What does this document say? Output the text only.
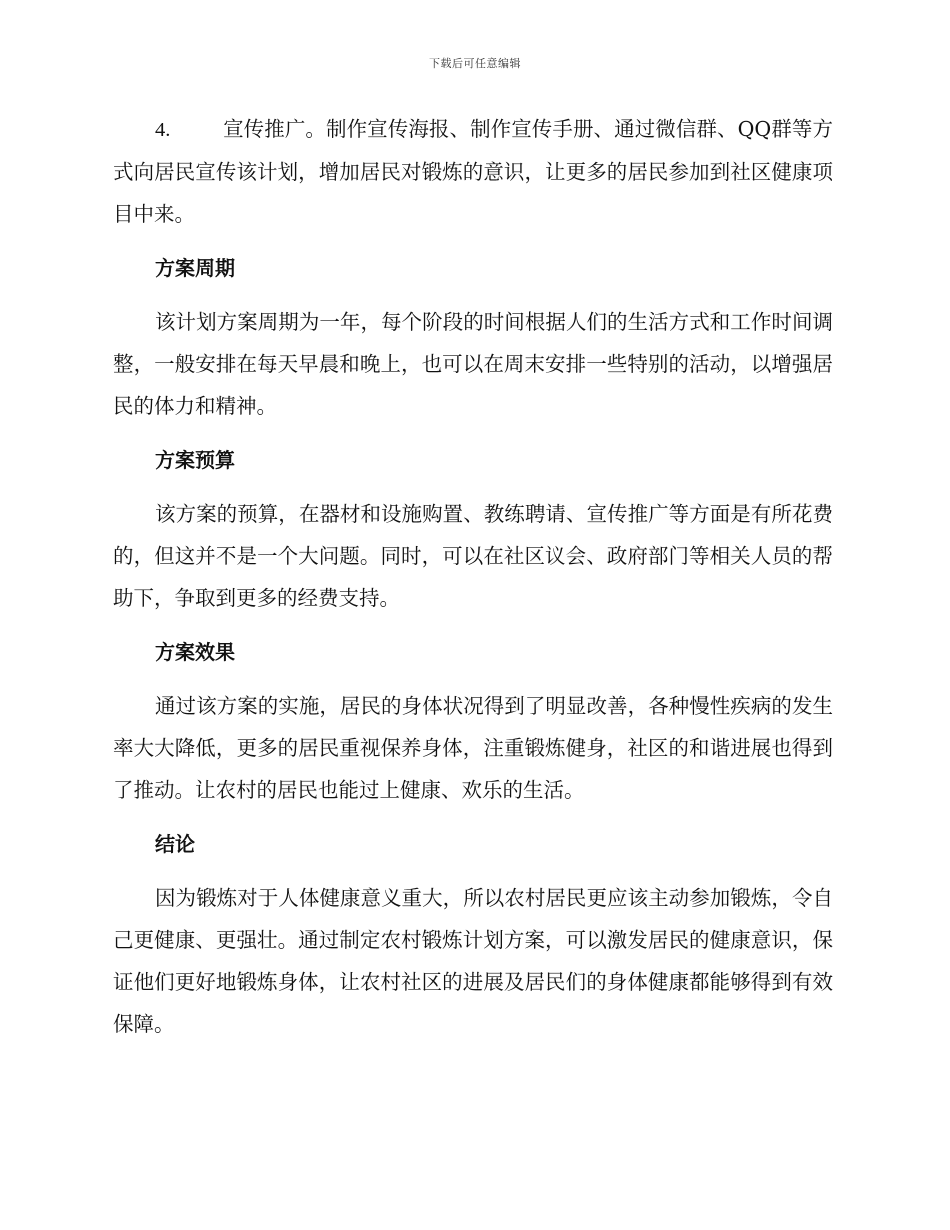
下载后可任意编辑

4.	宣传推广。制作宣传海报、制作宣传手册、通过微信群、QQ群等方式向居民宣传该计划，增加居民对锻炼的意识，让更多的居民参加到社区健康项目中来。

方案周期

该计划方案周期为一年，每个阶段的时间根据人们的生活方式和工作时间调整，一般安排在每天早晨和晚上，也可以在周末安排一些特别的活动，以增强居民的体力和精神。

方案预算

该方案的预算，在器材和设施购置、教练聘请、宣传推广等方面是有所花费的，但这并不是一个大问题。同时，可以在社区议会、政府部门等相关人员的帮助下，争取到更多的经费支持。

方案效果

通过该方案的实施，居民的身体状况得到了明显改善，各种慢性疾病的发生率大大降低，更多的居民重视保养身体，注重锻炼健身，社区的和谐进展也得到了推动。让农村的居民也能过上健康、欢乐的生活。

结论

因为锻炼对于人体健康意义重大，所以农村居民更应该主动参加锻炼，令自己更健康、更强壮。通过制定农村锻炼计划方案，可以激发居民的健康意识，保证他们更好地锻炼身体，让农村社区的进展及居民们的身体健康都能够得到有效保障。
